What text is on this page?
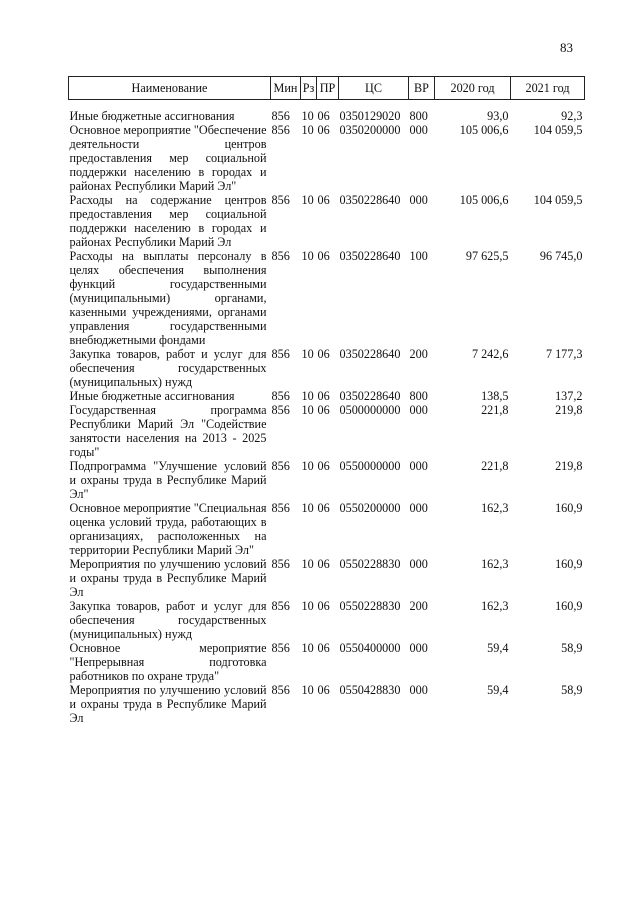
83
Наименование	Мин	Рз	ПР	ЦС	ВР	2020 год	2021 год

Иные бюджетные ассигнования	856	10	06	0350129020	800	93,0	92,3
Основное мероприятие "Обеспечение деятельности центров предоставления мер социальной поддержки населению в городах и районах Республики Марий Эл"	856	10	06	0350200000	000	105 006,6	104 059,5
Расходы на содержание центров предоставления мер социальной поддержки населению в городах и районах Республики Марий Эл	856	10	06	0350228640	000	105 006,6	104 059,5
Расходы на выплаты персоналу в целях обеспечения выполнения функций государственными (муниципальными) органами, казенными учреждениями, органами управления государственными внебюджетными фондами	856	10	06	0350228640	100	97 625,5	96 745,0
Закупка товаров, работ и услуг для обеспечения государственных (муниципальных) нужд	856	10	06	0350228640	200	7 242,6	7 177,3
Иные бюджетные ассигнования	856	10	06	0350228640	800	138,5	137,2
Государственная программа Республики Марий Эл "Содействие занятости населения на 2013 - 2025 годы"	856	10	06	0500000000	000	221,8	219,8
Подпрограмма "Улучшение условий и охраны труда в Республике Марий Эл"	856	10	06	0550000000	000	221,8	219,8
Основное мероприятие "Специальная оценка условий труда, работающих в организациях, расположенных на территории Республики Марий Эл"	856	10	06	0550200000	000	162,3	160,9
Мероприятия по улучшению условий и охраны труда в Республике Марий Эл	856	10	06	0550228830	000	162,3	160,9
Закупка товаров, работ и услуг для обеспечения государственных (муниципальных) нужд	856	10	06	0550228830	200	162,3	160,9
Основное мероприятие "Непрерывная подготовка работников по охране труда"	856	10	06	0550400000	000	59,4	58,9
Мероприятия по улучшению условий и охраны труда в Республике Марий Эл	856	10	06	0550428830	000	59,4	58,9
